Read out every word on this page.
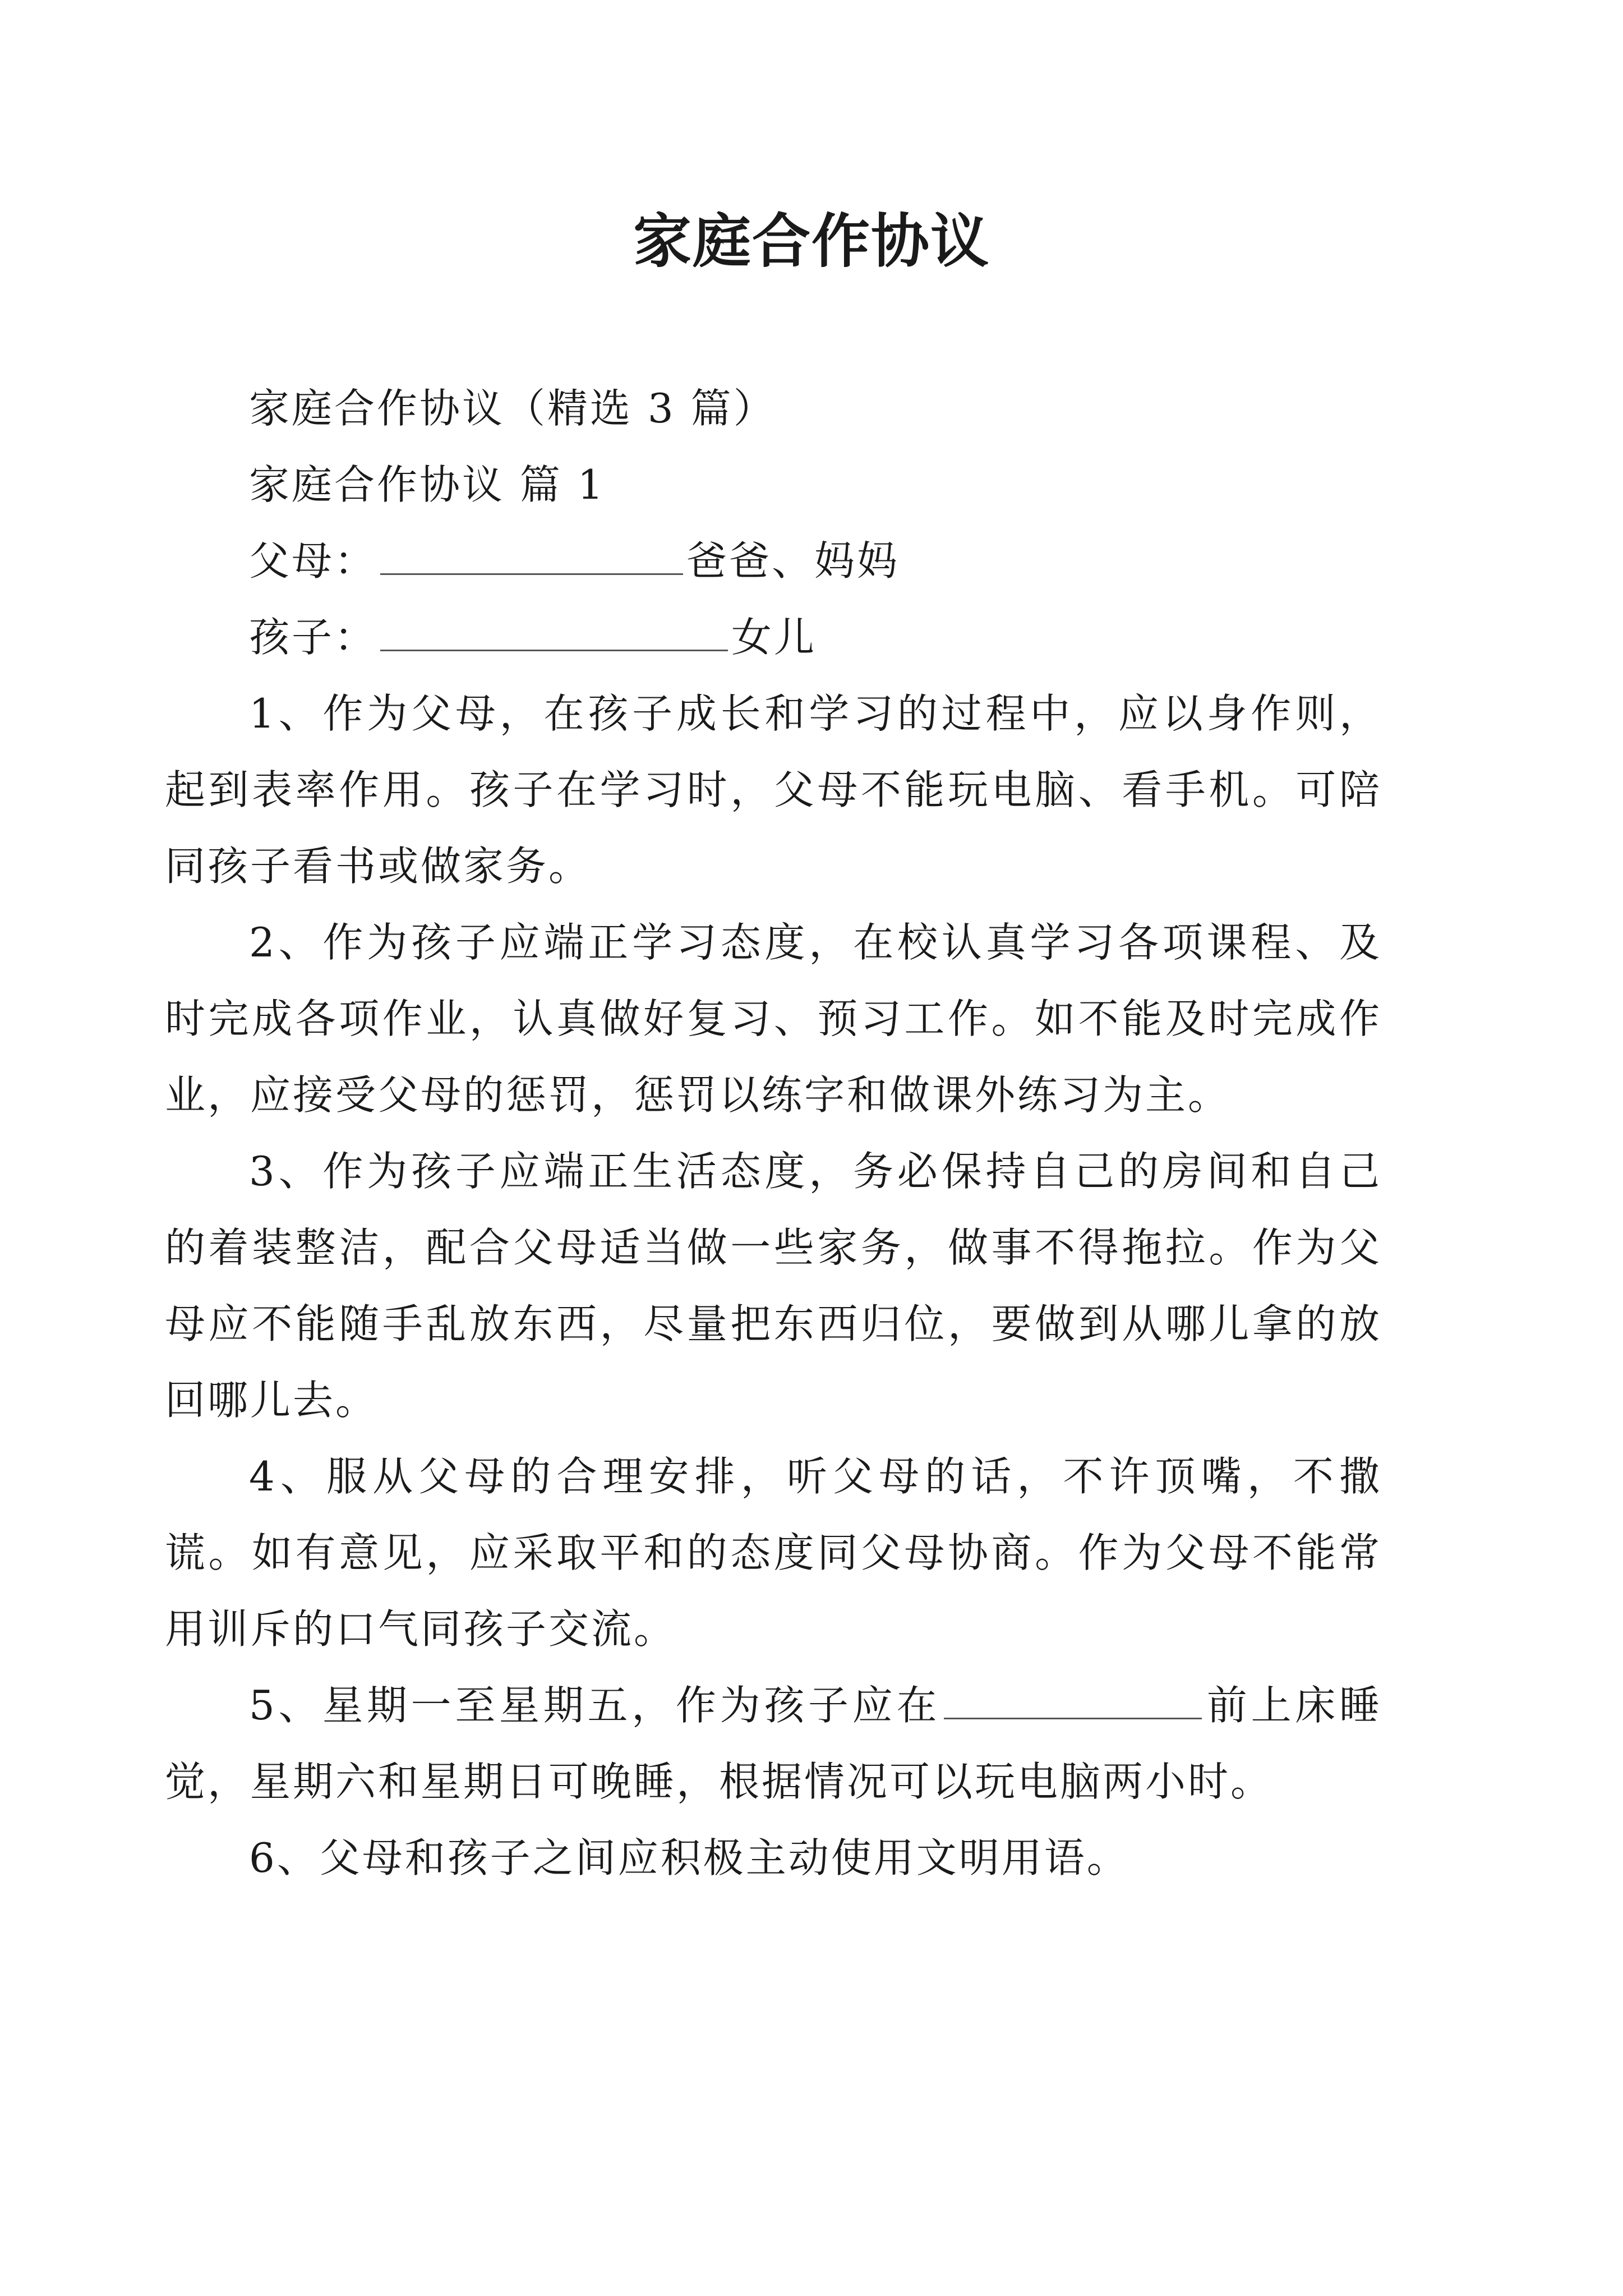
家庭合作协议
家庭合作协议（精选 3 篇）
家庭合作协议 篇 1
父母：	爸爸、妈妈
孩子：	女儿

1、作为父母，在孩子成长和学习的过程中，应以身作则，起到表率作用。孩子在学习时，父母不能玩电脑、看手机。可陪同孩子看书或做家务。

2、作为孩子应端正学习态度，在校认真学习各项课程、及时完成各项作业，认真做好复习、预习工作。如不能及时完成作业，应接受父母的惩罚，惩罚以练字和做课外练习为主。

3、作为孩子应端正生活态度，务必保持自己的房间和自己的着装整洁，配合父母适当做一些家务，做事不得拖拉。作为父母应不能随手乱放东西，尽量把东西归位，要做到从哪儿拿的放回哪儿去。

4、服从父母的合理安排，听父母的话，不许顶嘴，不撒谎。如有意见，应采取平和的态度同父母协商。作为父母不能常用训斥的口气同孩子交流。

5、星期一至星期五，作为孩子应在	前上床睡觉，星期六和星期日可晚睡，根据情况可以玩电脑两小时。

6、父母和孩子之间应积极主动使用文明用语。
